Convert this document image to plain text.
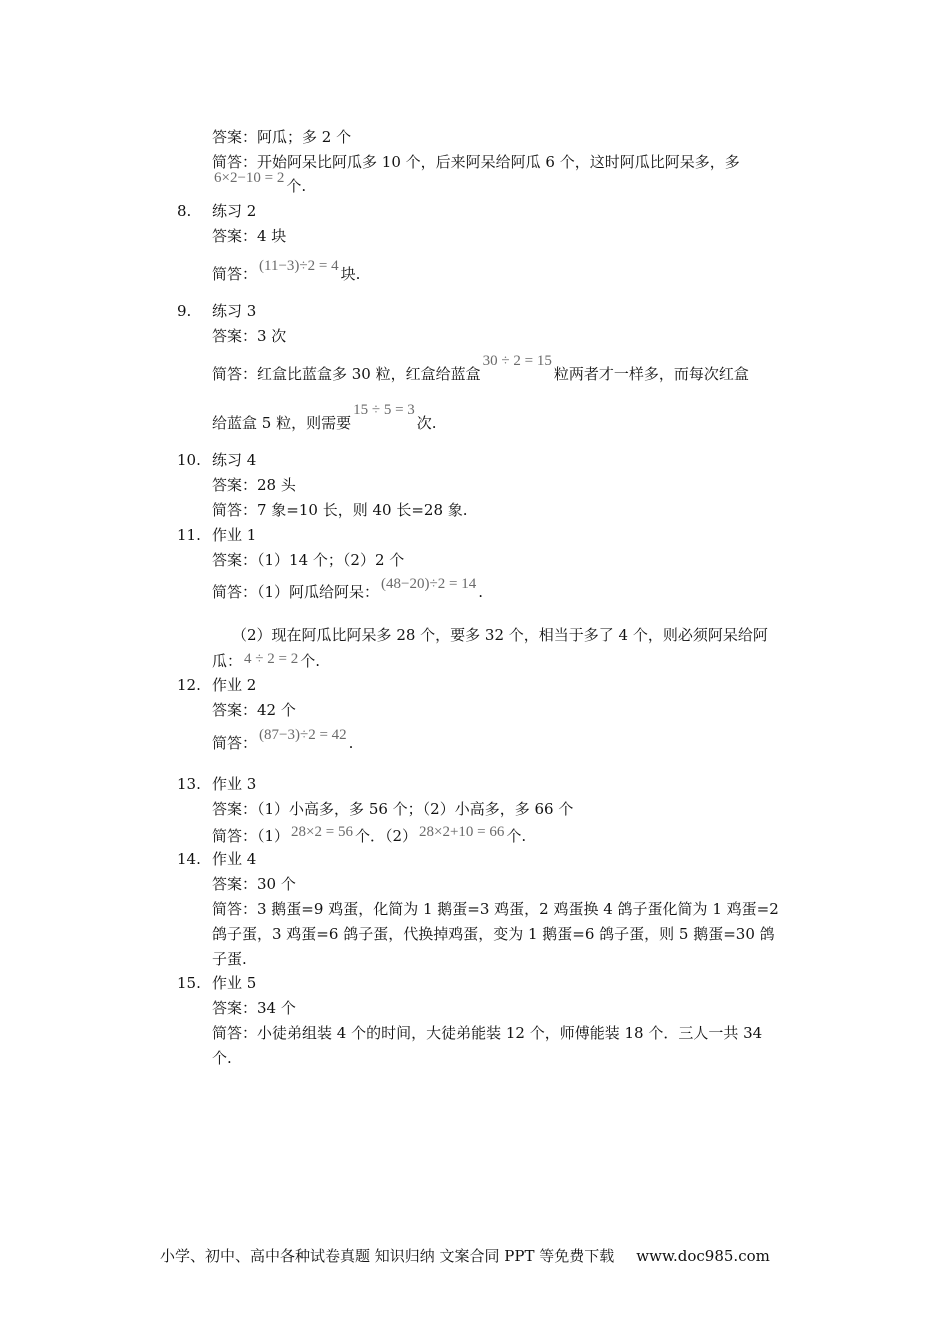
答案：阿瓜；多 2 个
简答：开始阿呆比阿瓜多 10 个，后来阿呆给阿瓜 6 个，这时阿瓜比阿呆多，多
6×2−10 = 2 个.
8. 练习 2
答案：4 块
简答： (11−3)÷2 = 4 块.
9. 练习 3
答案：3 次
简答：红盒比蓝盒多 30 粒，红盒给蓝盒30 ÷ 2 = 15粒两者才一样多，而每次红盒
给蓝盒 5 粒，则需要15 ÷ 5 = 3次.
10. 练习 4
答案：28 头
简答：7 象=10 长，则 40 长=28 象.
11. 作业 1
答案：（1）14 个；（2）2 个
简答：（1）阿瓜给阿呆： (48−20)÷2 = 14 .
（2）现在阿瓜比阿呆多 28 个，要多 32 个，相当于多了 4 个，则必须阿呆给阿
瓜： 4 ÷ 2 = 2 个.
12. 作业 2
答案：42 个
简答： (87−3)÷2 = 42 .
13. 作业 3
答案：（1）小高多，多 56 个；（2）小高多，多 66 个
简答：（1） 28×2 = 56 个．（2） 28×2+10 = 66 个.
14. 作业 4
答案：30 个
简答：3 鹅蛋=9 鸡蛋，化简为 1 鹅蛋=3 鸡蛋，2 鸡蛋换 4 鸽子蛋化简为 1 鸡蛋=2
鸽子蛋，3 鸡蛋=6 鸽子蛋，代换掉鸡蛋，变为 1 鹅蛋=6 鸽子蛋，则 5 鹅蛋=30 鸽
子蛋.
15. 作业 5
答案：34 个
简答：小徒弟组装 4 个的时间，大徒弟能装 12 个，师傅能装 18 个．三人一共 34
个.
小学、初中、高中各种试卷真题 知识归纳 文案合同 PPT 等免费下载 www.doc985.com
